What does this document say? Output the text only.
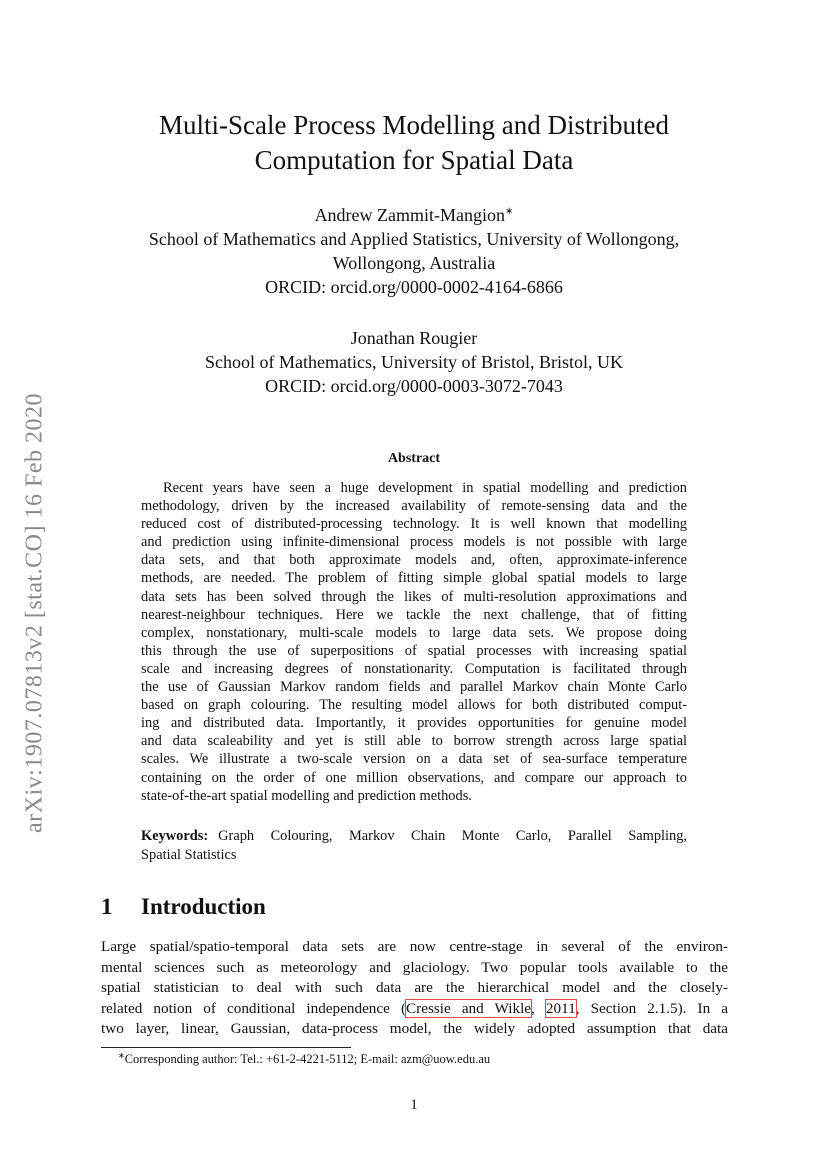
arXiv:1907.07813v2 [stat.CO] 16 Feb 2020
Multi-Scale Process Modelling and Distributed
Computation for Spatial Data
Andrew Zammit-Mangion∗
School of Mathematics and Applied Statistics, University of Wollongong,
Wollongong, Australia
ORCID: orcid.org/0000-0002-4164-6866
Jonathan Rougier
School of Mathematics, University of Bristol, Bristol, UK
ORCID: orcid.org/0000-0003-3072-7043
Abstract
Recent years have seen a huge development in spatial modelling and prediction
methodology, driven by the increased availability of remote-sensing data and the
reduced cost of distributed-processing technology. It is well known that modelling
and prediction using infinite-dimensional process models is not possible with large
data sets, and that both approximate models and, often, approximate-inference
methods, are needed. The problem of fitting simple global spatial models to large
data sets has been solved through the likes of multi-resolution approximations and
nearest-neighbour techniques. Here we tackle the next challenge, that of fitting
complex, nonstationary, multi-scale models to large data sets. We propose doing
this through the use of superpositions of spatial processes with increasing spatial
scale and increasing degrees of nonstationarity. Computation is facilitated through
the use of Gaussian Markov random fields and parallel Markov chain Monte Carlo
based on graph colouring. The resulting model allows for both distributed comput-
ing and distributed data. Importantly, it provides opportunities for genuine model
and data scaleability and yet is still able to borrow strength across large spatial
scales. We illustrate a two-scale version on a data set of sea-surface temperature
containing on the order of one million observations, and compare our approach to
state-of-the-art spatial modelling and prediction methods.
Keywords: Graph Colouring, Markov Chain Monte Carlo, Parallel Sampling,
Spatial Statistics
1 Introduction
Large spatial/spatio-temporal data sets are now centre-stage in several of the environ-
mental sciences such as meteorology and glaciology. Two popular tools available to the
spatial statistician to deal with such data are the hierarchical model and the closely-
related notion of conditional independence (Cressie and Wikle, 2011, Section 2.1.5). In a
two layer, linear, Gaussian, data-process model, the widely adopted assumption that data
∗Corresponding author: Tel.: +61-2-4221-5112; E-mail: azm@uow.edu.au
1
